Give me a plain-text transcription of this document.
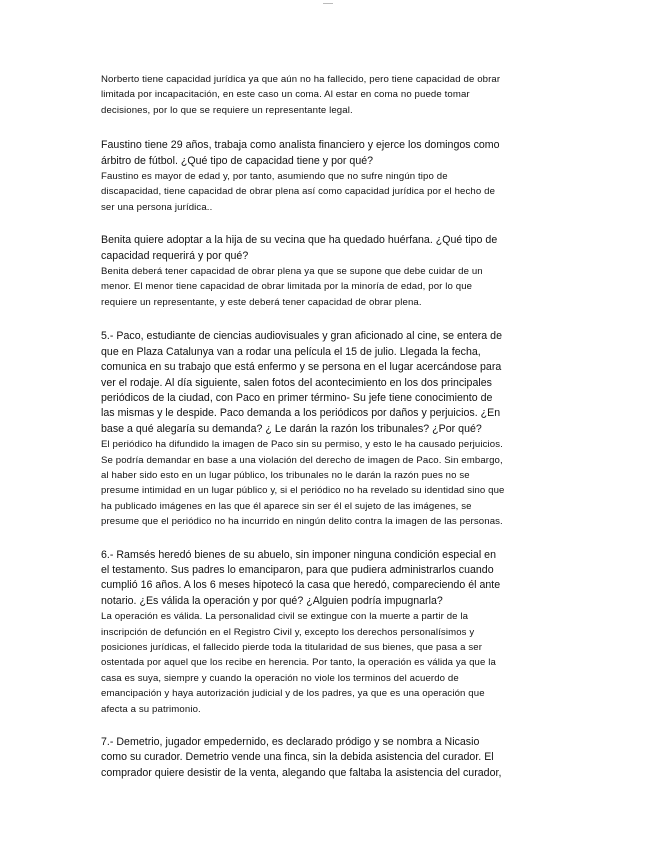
Norberto tiene capacidad jurídica ya que aún no ha fallecido, pero tiene capacidad de obrar
limitada por incapacitación, en este caso un coma. Al estar en coma no puede tomar
decisiones, por lo que se requiere un representante legal.
Faustino tiene 29 años, trabaja como analista financiero y ejerce los domingos como
árbitro de fútbol. ¿Qué tipo de capacidad tiene y por qué?
Faustino es mayor de edad y, por tanto, asumiendo que no sufre ningún tipo de
discapacidad, tiene capacidad de obrar plena así como capacidad jurídica por el hecho de
ser una persona jurídica..
Benita quiere adoptar a la hija de su vecina que ha quedado huérfana. ¿Qué tipo de
capacidad requerirá y por qué?
Benita deberá tener capacidad de obrar plena ya que se supone que debe cuidar de un
menor. El menor tiene capacidad de obrar limitada por la minoría de edad, por lo que
requiere un representante, y este deberá tener capacidad de obrar plena.
5.- Paco, estudiante de ciencias audiovisuales y gran aficionado al cine, se entera de
que en Plaza Catalunya van a rodar una película el 15 de julio. Llegada la fecha,
comunica en su trabajo que está enfermo y se persona en el lugar acercándose para
ver el rodaje. Al día siguiente, salen fotos del acontecimiento en los dos principales
periódicos de la ciudad, con Paco en primer término- Su jefe tiene conocimiento de
las mismas y le despide. Paco demanda a los periódicos por daños y perjuicios. ¿En
base a qué alegaría su demanda? ¿ Le darán la razón los tribunales? ¿Por qué?
El periódico ha difundido la imagen de Paco sin su permiso, y esto le ha causado perjuicios.
Se podría demandar en base a una violación del derecho de imagen de Paco. Sin embargo,
al haber sido esto en un lugar público, los tribunales no le darán la razón pues no se
presume intimidad en un lugar público y, si el periódico no ha revelado su identidad sino que
ha publicado imágenes en las que él aparece sin ser él el sujeto de las imágenes, se
presume que el periódico no ha incurrido en ningún delito contra la imagen de las personas.
6.- Ramsés heredó bienes de su abuelo, sin imponer ninguna condición especial en
el testamento. Sus padres lo emanciparon, para que pudiera administrarlos cuando
cumplió 16 años. A los 6 meses hipotecó la casa que heredó, compareciendo él ante
notario. ¿Es válida la operación y por qué? ¿Alguien podría impugnarla?
La operación es válida. La personalidad civil se extingue con la muerte a partir de la
inscripción de defunción en el Registro Civil y, excepto los derechos personalísimos y
posiciones jurídicas, el fallecido pierde toda la titularidad de sus bienes, que pasa a ser
ostentada por aquel que los recibe en herencia. Por tanto, la operación es válida ya que la
casa es suya, siempre y cuando la operación no viole los terminos del acuerdo de
emancipación y haya autorización judicial y de los padres, ya que es una operación que
afecta a su patrimonio.
7.- Demetrio, jugador empedernido, es declarado pródigo y se nombra a Nicasio
como su curador. Demetrio vende una finca, sin la debida asistencia del curador. El
comprador quiere desistir de la venta, alegando que faltaba la asistencia del curador,
